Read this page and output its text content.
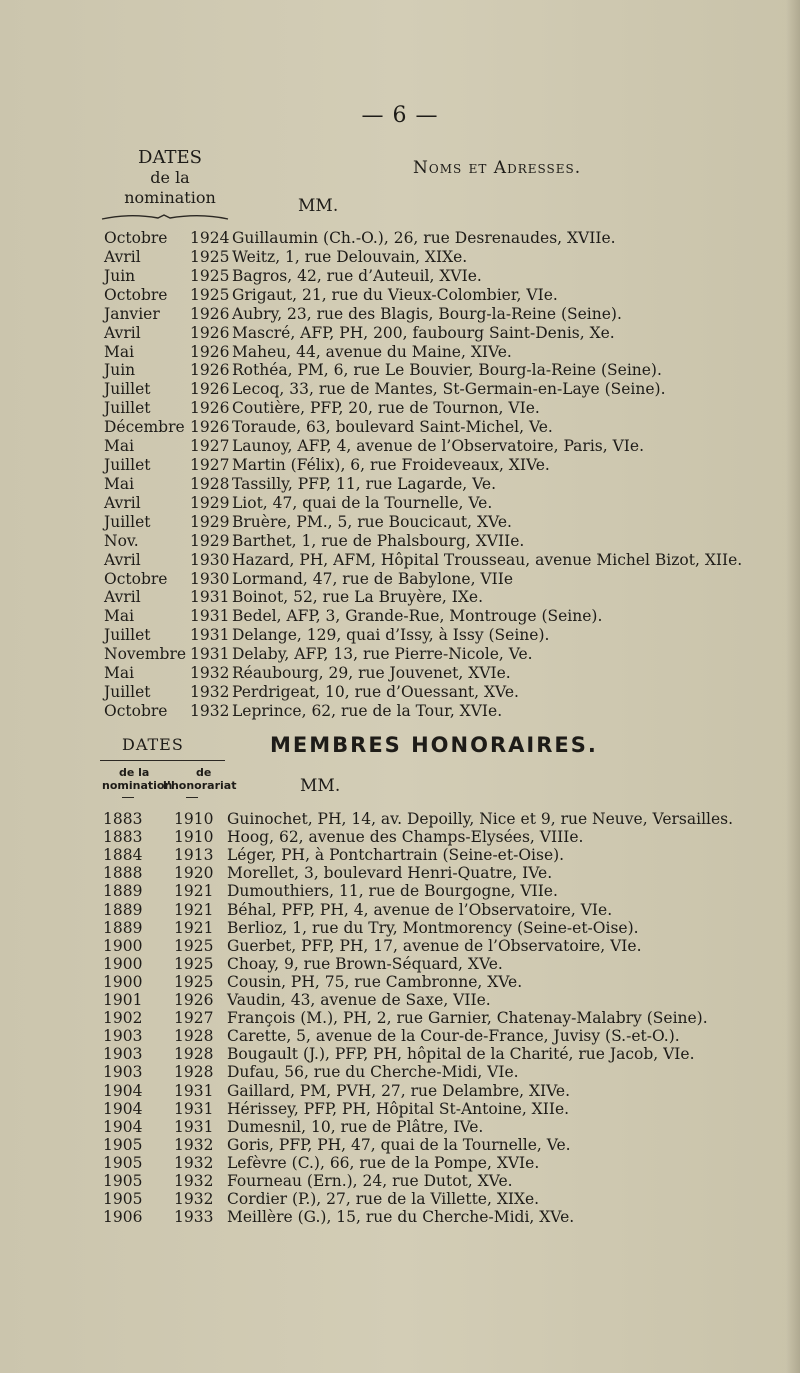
— 6 —
DATES
de la
nomination
Noms et Adresses.
MM.
Octobre 1924 Guillaumin (Ch.-O.), 26, rue Desrenaudes, XVIIe.
Avril	1925 Weitz, 1, rue Delouvain, XIXe.
Juin	1925 Bagros, 42, rue d’Auteuil, XVIe.
Octobre 1925 Grigaut, 21, rue du Vieux-Colombier, VIe.
Janvier 1926 Aubry, 23, rue des Blagis, Bourg-la-Reine (Seine).
Avril	1926 Mascré, AFP, PH, 200, faubourg Saint-Denis, Xe.
Mai	1926 Maheu, 44, avenue du Maine, XIVe.
Juin	1926 Rothéa, PM, 6, rue Le Bouvier, Bourg-la-Reine (Seine).
Juillet	1926 Lecoq, 33, rue de Mantes, St-Germain-en-Laye (Seine).
Juillet	1926 Coutière, PFP, 20, rue de Tournon, VIe.
Décembre 1926 Toraude, 63, boulevard Saint-Michel, Ve.
Mai	1927 Launoy, AFP, 4, avenue de l’Observatoire, Paris, VIe.
Juillet	1927 Martin (Félix), 6, rue Froideveaux, XIVe.
Mai	1928 Tassilly, PFP, 11, rue Lagarde, Ve.
Avril	1929 Liot, 47, quai de la Tournelle, Ve.
Juillet	1929 Bruère, PM., 5, rue Boucicaut, XVe.
Nov.	1929 Barthet, 1, rue de Phalsbourg, XVIIe.
Avril	1930 Hazard, PH, AFM, Hôpital Trousseau, avenue Michel Bizot, XIIe.
Octobre 1930 Lormand, 47, rue de Babylone, VIIe
Avril	1931 Boinot, 52, rue La Bruyère, IXe.
Mai	1931 Bedel, AFP, 3, Grande-Rue, Montrouge (Seine).
Juillet	1931 Delange, 129, quai d’Issy, à Issy (Seine).
Novembre 1931 Delaby, AFP, 13, rue Pierre-Nicole, Ve.
Mai	1932 Réaubourg, 29, rue Jouvenet, XVIe.
Juillet	1932 Perdrigeat, 10, rue d’Ouessant, XVe.
Octobre 1932 Leprince, 62, rue de la Tour, XVIe.
DATES	MEMBRES HONORAIRES.
de la
nomination
de
l’honorariat	MM.
1883 1910 Guinochet, PH, 14, av. Depoilly, Nice et 9, rue Neuve, Versailles.
1883 1910 Hoog, 62, avenue des Champs-Elysées, VIIIe.
1884 1913 Léger, PH, à Pontchartrain (Seine-et-Oise).
1888 1920 Morellet, 3, boulevard Henri-Quatre, IVe.
1889 1921 Dumouthiers, 11, rue de Bourgogne, VIIe.
1889 1921 Béhal, PFP, PH, 4, avenue de l’Observatoire, VIe.
1889 1921 Berlioz, 1, rue du Try, Montmorency (Seine-et-Oise).
1900 1925 Guerbet, PFP, PH, 17, avenue de l’Observatoire, VIe.
1900 1925 Choay, 9, rue Brown-Séquard, XVe.
1900 1925 Cousin, PH, 75, rue Cambronne, XVe.
1901 1926 Vaudin, 43, avenue de Saxe, VIIe.
1902 1927 François (M.), PH, 2, rue Garnier, Chatenay-Malabry (Seine).
1903 1928 Carette, 5, avenue de la Cour-de-France, Juvisy (S.-et-O.).
1903 1928 Bougault (J.), PFP, PH, hôpital de la Charité, rue Jacob, VIe.
1903 1928 Dufau, 56, rue du Cherche-Midi, VIe.
1904 1931 Gaillard, PM, PVH, 27, rue Delambre, XIVe.
1904 1931 Hérissey, PFP, PH, Hôpital St-Antoine, XIIe.
1904 1931 Dumesnil, 10, rue de Plâtre, IVe.
1905 1932 Goris, PFP, PH, 47, quai de la Tournelle, Ve.
1905 1932 Lefèvre (C.), 66, rue de la Pompe, XVIe.
1905 1932 Fourneau (Ern.), 24, rue Dutot, XVe.
1905 1932 Cordier (P.), 27, rue de la Villette, XIXe.
1906 1933 Meillère (G.), 15, rue du Cherche-Midi, XVe.
